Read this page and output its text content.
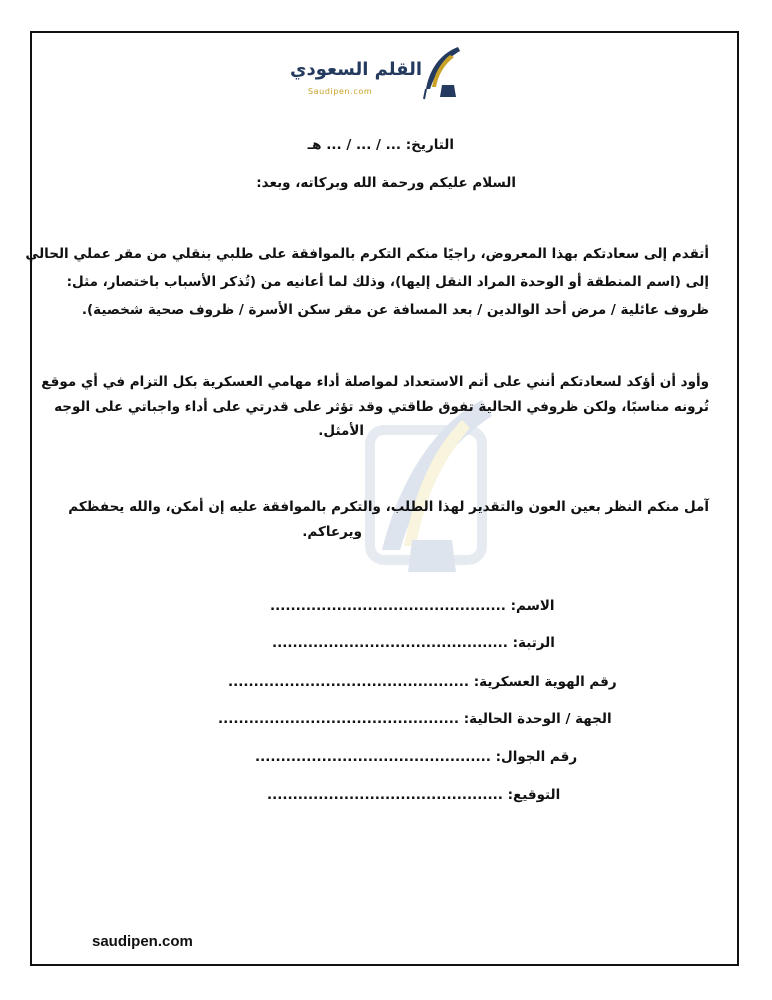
القلم السعودي
Saudipen.com
التاريخ: ... / ... / ... هـ
السلام عليكم ورحمة الله وبركاته، وبعد:
أتقدم إلى سعادتكم بهذا المعروض، راجيًا منكم التكرم بالموافقة على طلبي بنقلي من مقر عملي الحالي
إلى (اسم المنطقة أو الوحدة المراد النقل إليها)، وذلك لما أعانيه من (تُذكر الأسباب باختصار، مثل:
ظروف عائلية / مرض أحد الوالدين / بعد المسافة عن مقر سكن الأسرة / ظروف صحية شخصية).
وأود أن أؤكد لسعادتكم أنني على أتم الاستعداد لمواصلة أداء مهامي العسكرية بكل التزام في أي موقع
تُرونه مناسبًا، ولكن ظروفي الحالية تفوق طاقتي وقد تؤثر على قدرتي على أداء واجباتي على الوجه
الأمثل.
آمل منكم النظر بعين العون والتقدير لهذا الطلب، والتكرم بالموافقة عليه إن أمكن، والله يحفظكم
ويرعاكم.
الاسم: ..............................................
الرتبة: ..............................................
رقم الهوية العسكرية: ...............................................
الجهة / الوحدة الحالية: ...............................................
رقم الجوال: ..............................................
التوقيع: ..............................................
saudipen.com
